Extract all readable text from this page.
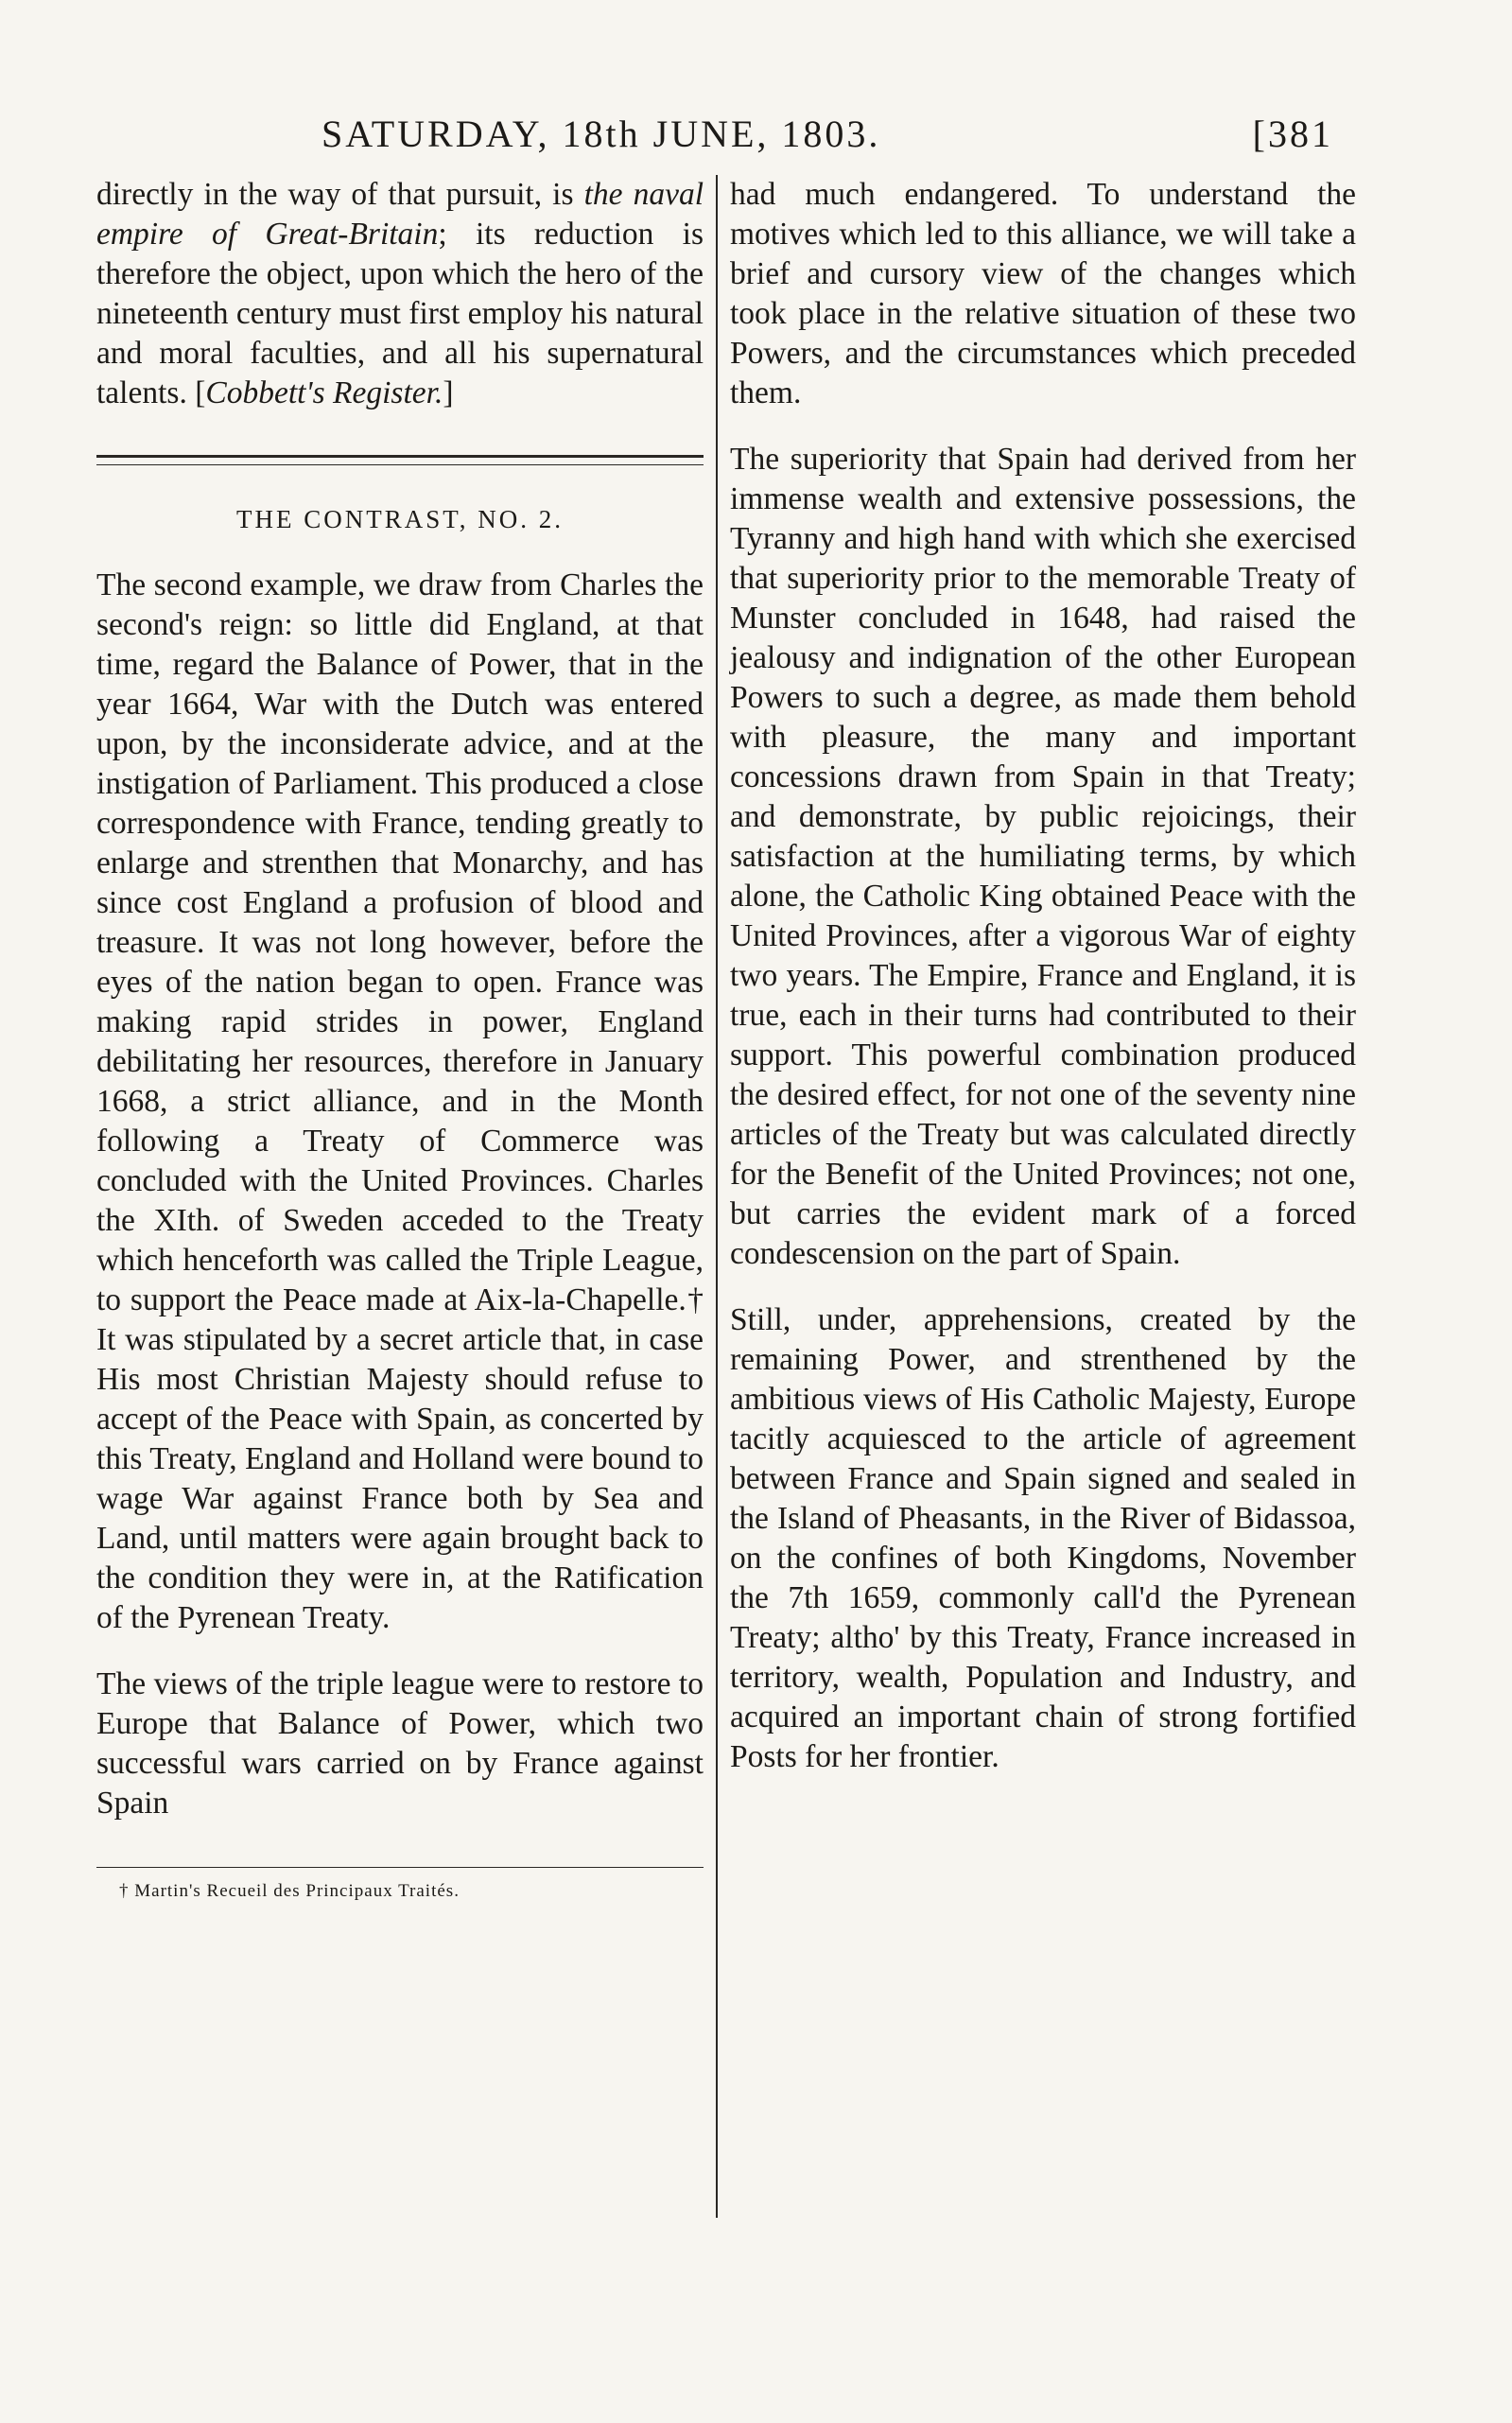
SATURDAY, 18th JUNE, 1803.	[381

directly in the way of that pursuit, is the naval empire of Great-Britain; its reduction is therefore the object, upon which the hero of the nineteenth century must first employ his natural and moral faculties, and all his supernatural talents. [Cobbett's Register.]

THE CONTRAST, NO. 2.

The second example, we draw from Charles the second's reign: so little did England, at that time, regard the Balance of Power, that in the year 1664, War with the Dutch was entered upon, by the inconsiderate advice, and at the instigation of Parliament. This produced a close correspondence with France, tending greatly to enlarge and strenthen that Monarchy, and has since cost England a profusion of blood and treasure. It was not long however, before the eyes of the nation began to open. France was making rapid strides in power, England debilitating her resources, therefore in January 1668, a strict alliance, and in the Month following a Treaty of Commerce was concluded with the United Provinces. Charles the XIth. of Sweden acceded to the Treaty which henceforth was called the Triple League, to support the Peace made at Aix-la-Chapelle.† It was stipulated by a secret article that, in case His most Christian Majesty should refuse to accept of the Peace with Spain, as concerted by this Treaty, England and Holland were bound to wage War against France both by Sea and Land, until matters were again brought back to the condition they were in, at the Ratification of the Pyrenean Treaty.

The views of the triple league were to restore to Europe that Balance of Power, which two successful wars carried on by France against Spain

† Martin's Recueil des Principaux Traités.

had much endangered. To understand the motives which led to this alliance, we will take a brief and cursory view of the changes which took place in the relative situation of these two Powers, and the circumstances which preceded them.

The superiority that Spain had derived from her immense wealth and extensive possessions, the Tyranny and high hand with which she exercised that superiority prior to the memorable Treaty of Munster concluded in 1648, had raised the jealousy and indignation of the other European Powers to such a degree, as made them behold with pleasure, the many and important concessions drawn from Spain in that Treaty; and demonstrate, by public rejoicings, their satisfaction at the humiliating terms, by which alone, the Catholic King obtained Peace with the United Provinces, after a vigorous War of eighty two years. The Empire, France and England, it is true, each in their turns had contributed to their support. This powerful combination produced the desired effect, for not one of the seventy nine articles of the Treaty but was calculated directly for the Benefit of the United Provinces; not one, but carries the evident mark of a forced condescension on the part of Spain.

Still, under, apprehensions, created by the remaining Power, and strenthened by the ambitious views of His Catholic Majesty, Europe tacitly acquiesced to the article of agreement between France and Spain signed and sealed in the Island of Pheasants, in the River of Bidassoa, on the confines of both Kingdoms, November the 7th 1659, commonly call'd the Pyrenean Treaty; altho' by this Treaty, France increased in territory, wealth, Population and Industry, and acquired an important chain of strong fortified Posts for her frontier.
